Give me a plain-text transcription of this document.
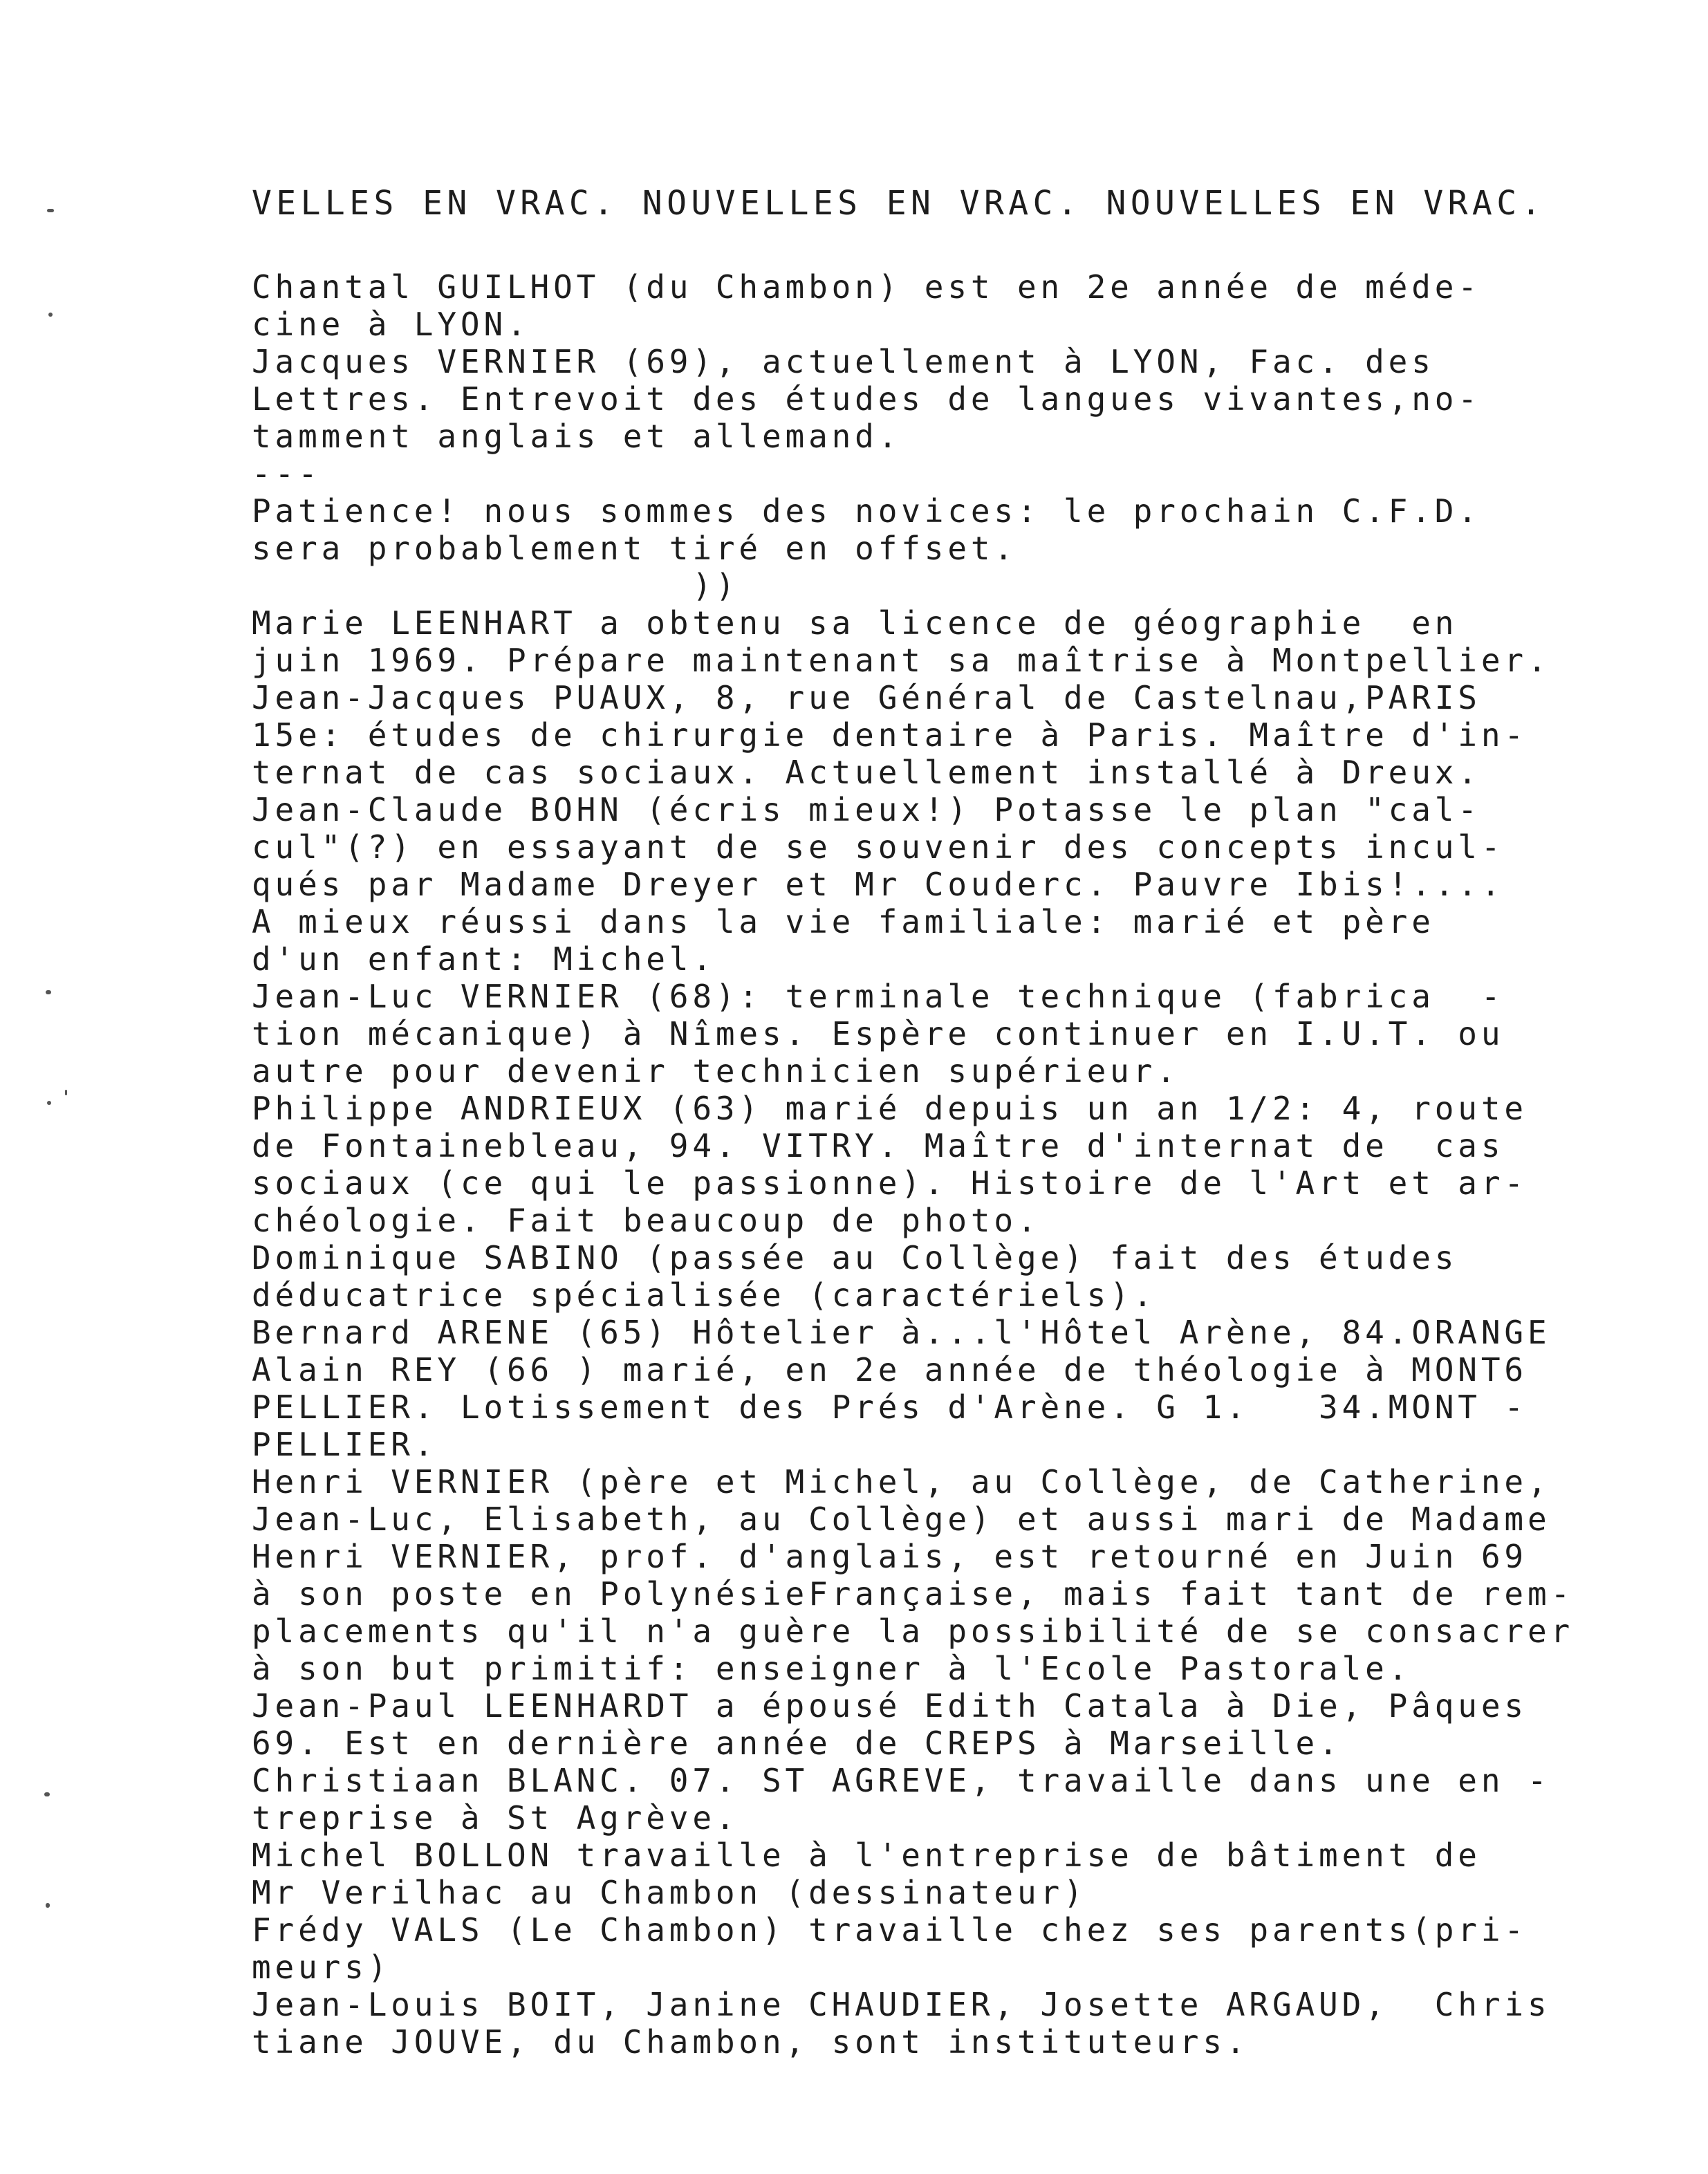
VELLES EN VRAC. NOUVELLES EN VRAC. NOUVELLES EN VRAC.
Chantal GUILHOT (du Chambon) est en 2e année de méde-
cine à LYON.
Jacques VERNIER (69), actuellement à LYON, Fac. des
Lettres. Entrevoit des études de langues vivantes,no-
tamment anglais et allemand.
---
Patience! nous sommes des novices: le prochain C.F.D.
sera probablement tiré en offset.
))
Marie LEENHART a obtenu sa licence de géographie  en
juin 1969. Prépare maintenant sa maîtrise à Montpellier.
Jean-Jacques PUAUX, 8, rue Général de Castelnau,PARIS
15e: études de chirurgie dentaire à Paris. Maître d'in-
ternat de cas sociaux. Actuellement installé à Dreux.
Jean-Claude BOHN (écris mieux!) Potasse le plan "cal-
cul"(?) en essayant de se souvenir des concepts incul-
qués par Madame Dreyer et Mr Couderc. Pauvre Ibis!....
A mieux réussi dans la vie familiale: marié et père
d'un enfant: Michel.
Jean-Luc VERNIER (68): terminale technique (fabrica  -
tion mécanique) à Nîmes. Espère continuer en I.U.T. ou
autre pour devenir technicien supérieur.
Philippe ANDRIEUX (63) marié depuis un an 1/2: 4, route
de Fontainebleau, 94. VITRY. Maître d'internat de  cas
sociaux (ce qui le passionne). Histoire de l'Art et ar-
chéologie. Fait beaucoup de photo.
Dominique SABINO (passée au Collège) fait des études
déducatrice spécialisée (caractériels).
Bernard ARENE (65) Hôtelier à...l'Hôtel Arène, 84.ORANGE
Alain REY (66 ) marié, en 2e année de théologie à MONT6
PELLIER. Lotissement des Prés d'Arène. G 1.   34.MONT -
PELLIER.
Henri VERNIER (père et Michel, au Collège, de Catherine,
Jean-Luc, Elisabeth, au Collège) et aussi mari de Madame
Henri VERNIER, prof. d'anglais, est retourné en Juin 69
à son poste en PolynésieFrançaise, mais fait tant de rem-
placements qu'il n'a guère la possibilité de se consacrer
à son but primitif: enseigner à l'Ecole Pastorale.
Jean-Paul LEENHARDT a épousé Edith Catala à Die, Pâques
69. Est en dernière année de CREPS à Marseille.
Christiaan BLANC. 07. ST AGREVE, travaille dans une en -
treprise à St Agrève.
Michel BOLLON travaille à l'entreprise de bâtiment de
Mr Verilhac au Chambon (dessinateur)
Frédy VALS (Le Chambon) travaille chez ses parents(pri-
meurs)
Jean-Louis BOIT, Janine CHAUDIER, Josette ARGAUD,  Chris
tiane JOUVE, du Chambon, sont instituteurs.
